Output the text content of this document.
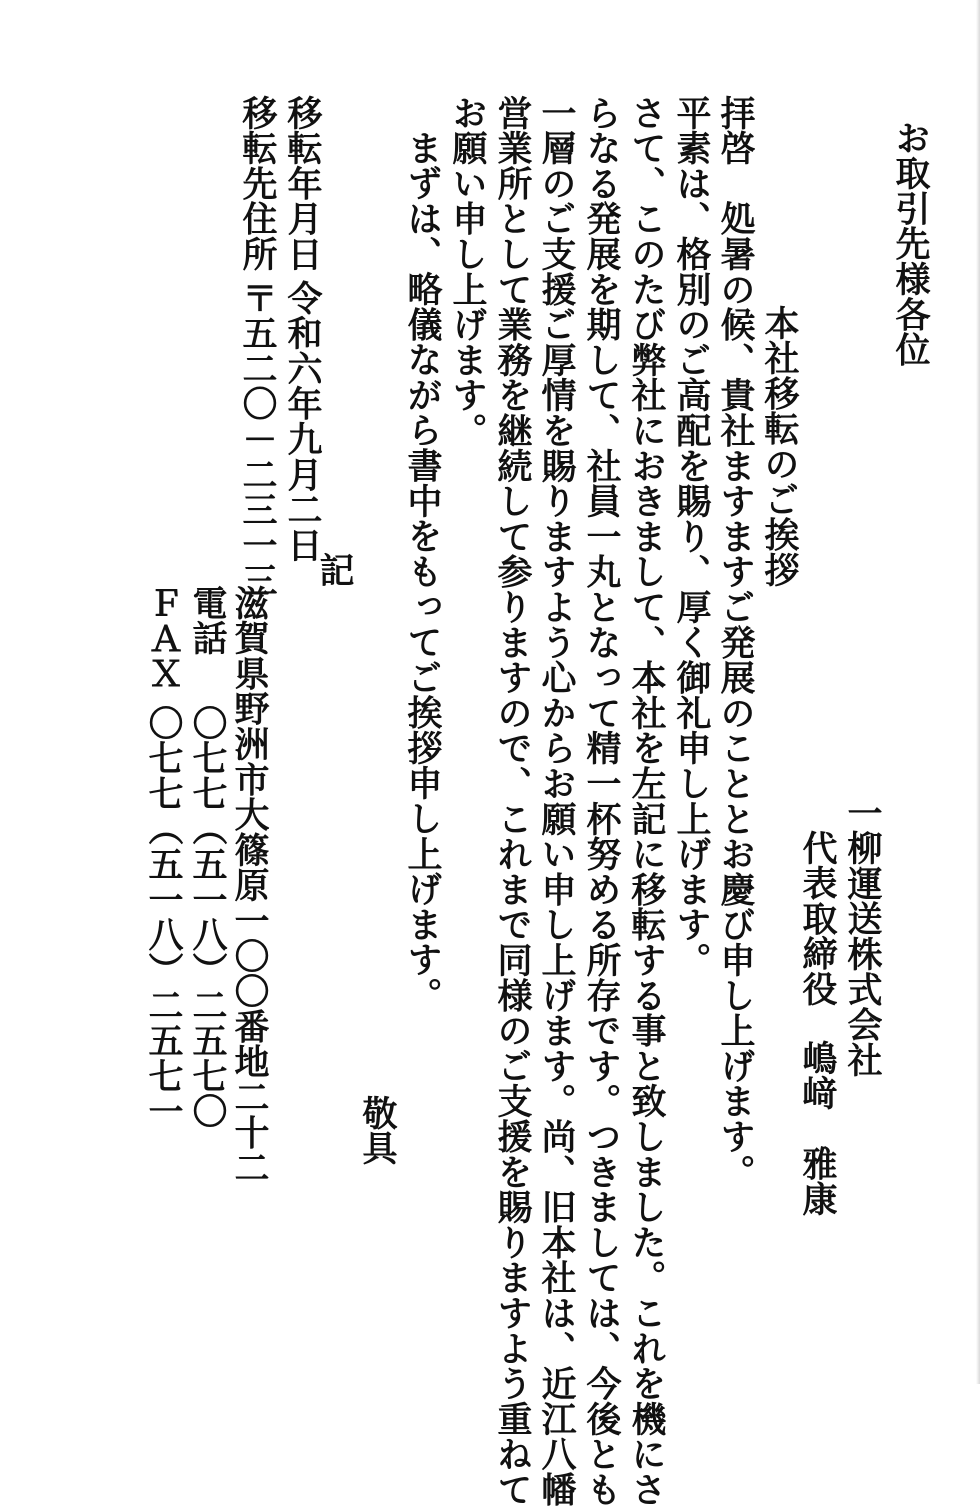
お取引先様各位
一柳運送株式会社
代表取締役
嶋﨑　雅康
本社移転のご挨拶
拝啓　処暑の候、貴社ますますご発展のこととお慶び申し上げます。
平素は、格別のご高配を賜り、厚く御礼申し上げます。
さて、このたび弊社におきまして、本社を左記に移転する事と致しました。これを機にさ
らなる発展を期して、社員一丸となって精一杯努める所存です。つきましては、今後とも
一層のご支援ご厚情を賜りますよう心からお願い申し上げます。尚、旧本社は、近江八幡
営業所として業務を継続して参りますので、これまで同様のご支援を賜りますよう重ねて
お願い申し上げます。
まずは、略儀ながら書中をもってご挨拶申し上げます。
敬具
記
移転年月日
令和六年九月二日
移転先住所
〒五二〇－二三一三
滋賀県野洲市大篠原一〇〇番地二十二
電話
〇七七（五一八）二五七〇
ＦＡＸ
〇七七（五一八）二五七一
